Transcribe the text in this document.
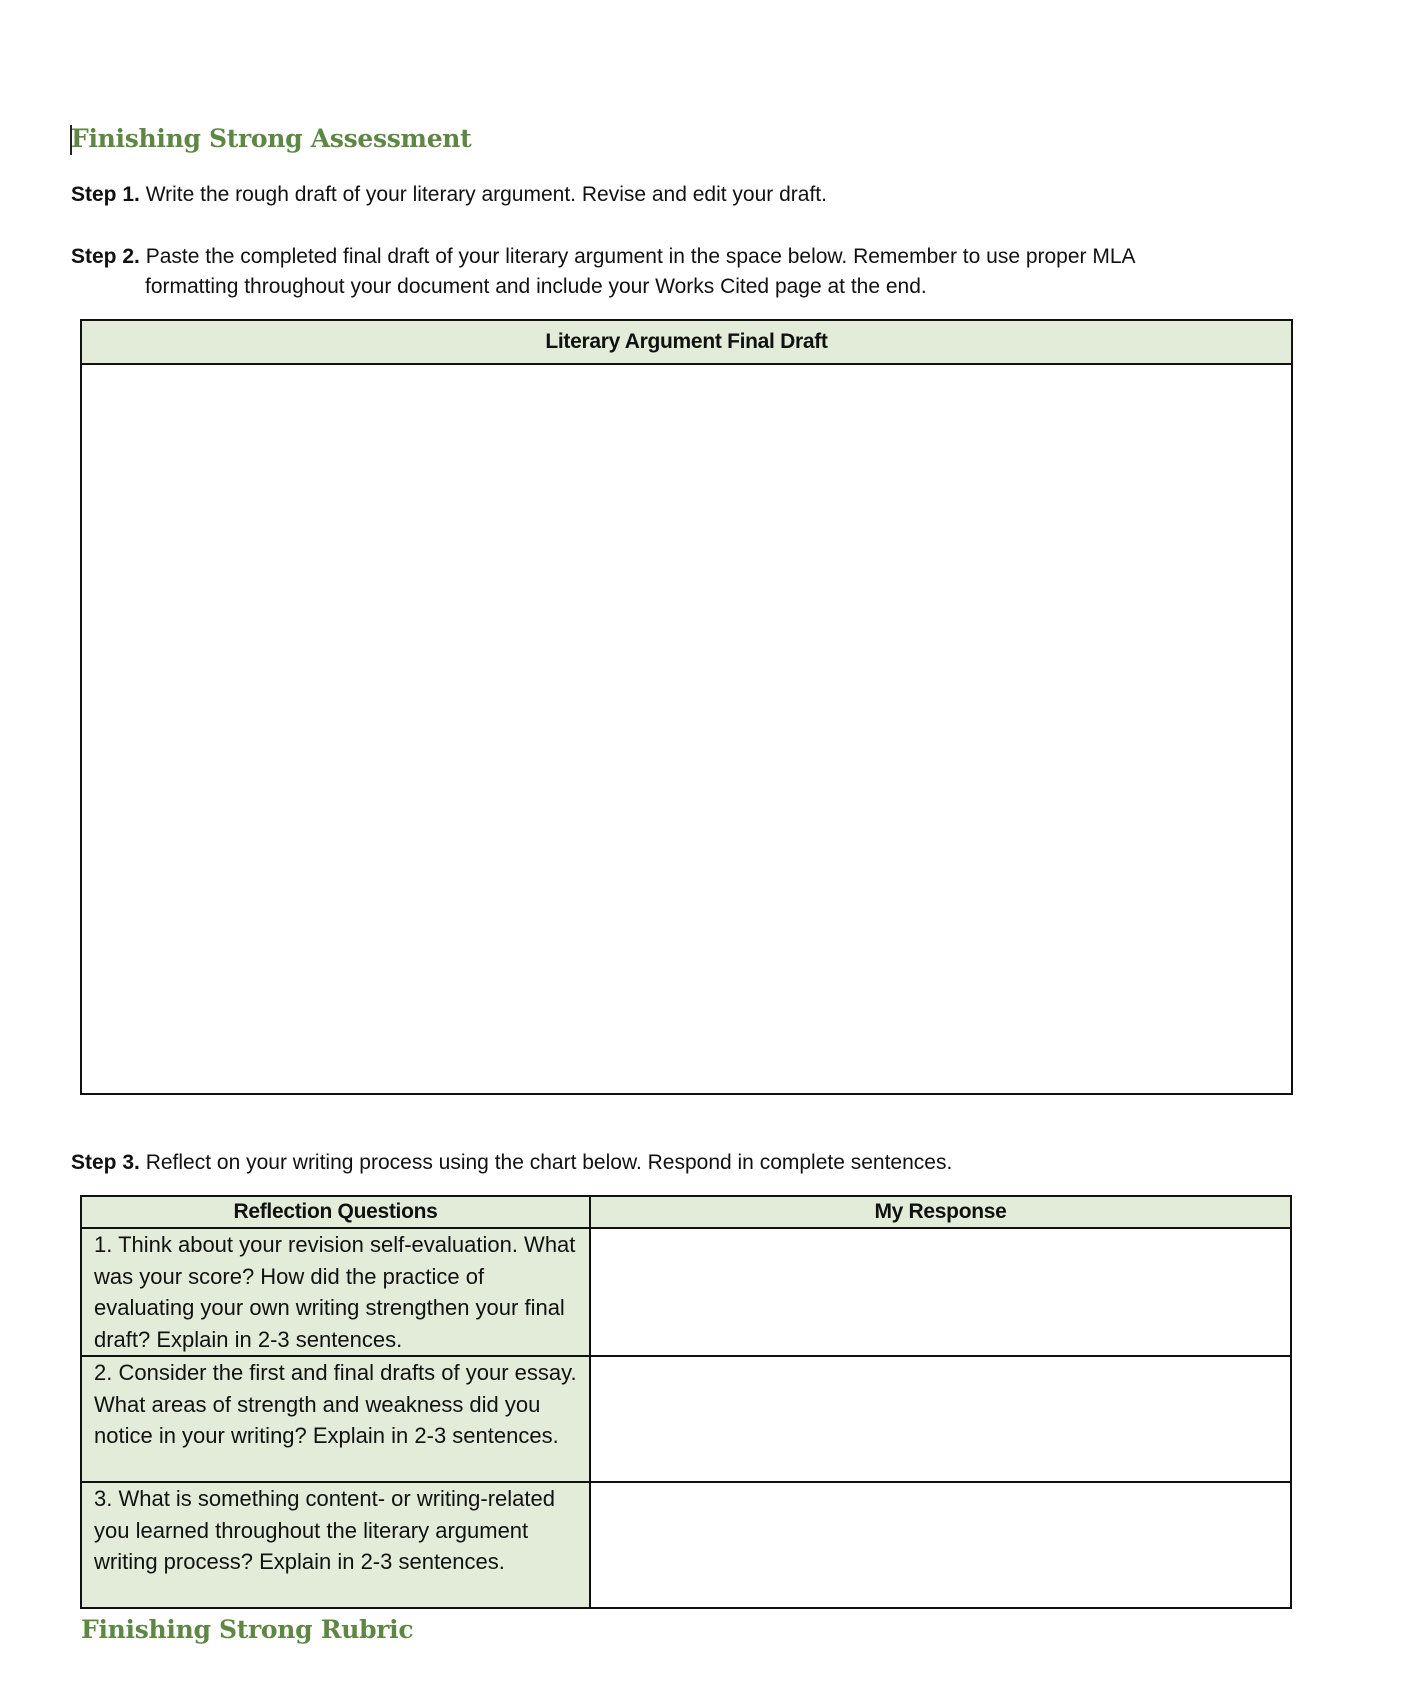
Finishing Strong Assessment
Step 1. Write the rough draft of your literary argument. Revise and edit your draft.
Step 2. Paste the completed final draft of your literary argument in the space below. Remember to use proper MLA
formatting throughout your document and include your Works Cited page at the end.
Literary Argument Final Draft
Step 3. Reflect on your writing process using the chart below. Respond in complete sentences.
Reflection Questions	My Response
1. Think about your revision self-evaluation. What was your score? How did the practice of evaluating your own writing strengthen your final draft? Explain in 2-3 sentences.	
2. Consider the first and final drafts of your essay. What areas of strength and weakness did you notice in your writing? Explain in 2-3 sentences.	
3. What is something content- or writing-related you learned throughout the literary argument writing process? Explain in 2-3 sentences.	
Finishing Strong Rubric
